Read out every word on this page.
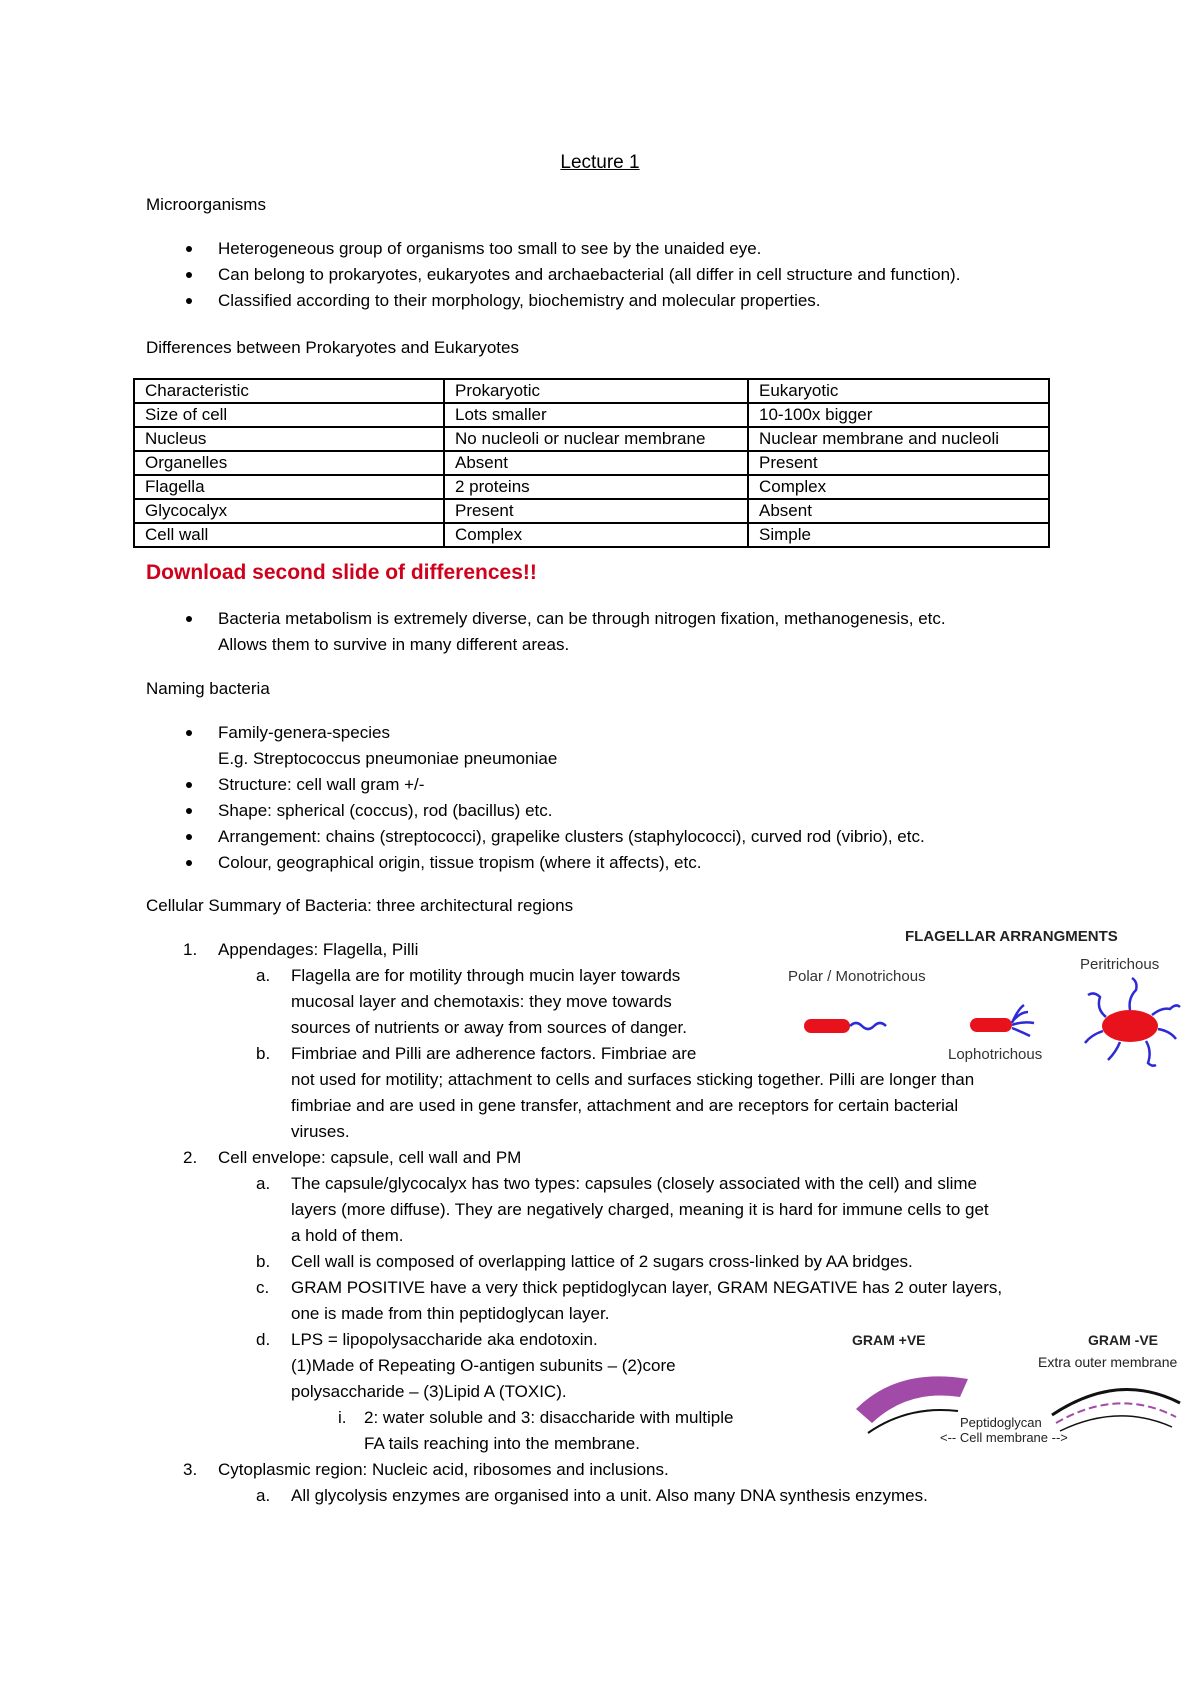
Lecture 1
Microorganisms
Heterogeneous group of organisms too small to see by the unaided eye.
Can belong to prokaryotes, eukaryotes and archaebacterial (all differ in cell structure and function).
Classified according to their morphology, biochemistry and molecular properties.
Differences between Prokaryotes and Eukaryotes
Characteristic	Prokaryotic	Eukaryotic
Size of cell	Lots smaller	10-100x bigger
Nucleus	No nucleoli or nuclear membrane	Nuclear membrane and nucleoli
Organelles	Absent	Present
Flagella	2 proteins	Complex
Glycocalyx	Present	Absent
Cell wall	Complex	Simple
Download second slide of differences!!
Bacteria metabolism is extremely diverse, can be through nitrogen fixation, methanogenesis, etc.
Allows them to survive in many different areas.
Naming bacteria
Family-genera-species
E.g. Streptococcus pneumoniae pneumoniae
Structure: cell wall gram +/-
Shape: spherical (coccus), rod (bacillus) etc.
Arrangement: chains (streptococci), grapelike clusters (staphylococci), curved rod (vibrio), etc.
Colour, geographical origin, tissue tropism (where it affects), etc.
Cellular Summary of Bacteria: three architectural regions
1. Appendages: Flagella, Pilli
a. Flagella are for motility through mucin layer towards
mucosal layer and chemotaxis: they move towards
sources of nutrients or away from sources of danger.
b. Fimbriae and Pilli are adherence factors. Fimbriae are
not used for motility; attachment to cells and surfaces sticking together. Pilli are longer than
fimbriae and are used in gene transfer, attachment and are receptors for certain bacterial
viruses.
2. Cell envelope: capsule, cell wall and PM
a. The capsule/glycocalyx has two types: capsules (closely associated with the cell) and slime
layers (more diffuse). They are negatively charged, meaning it is hard for immune cells to get
a hold of them.
b. Cell wall is composed of overlapping lattice of 2 sugars cross-linked by AA bridges.
c. GRAM POSITIVE have a very thick peptidoglycan layer, GRAM NEGATIVE has 2 outer layers,
one is made from thin peptidoglycan layer.
d. LPS = lipopolysaccharide aka endotoxin.
(1)Made of Repeating O-antigen subunits – (2)core
polysaccharide – (3)Lipid A (TOXIC).
i. 2: water soluble and 3: disaccharide with multiple
FA tails reaching into the membrane.
3. Cytoplasmic region: Nucleic acid, ribosomes and inclusions.
a. All glycolysis enzymes are organised into a unit. Also many DNA synthesis enzymes.
FLAGELLAR ARRANGMENTS
Polar / Monotrichous
Peritrichous
Lophotrichous
GRAM +VE	GRAM -VE
Extra outer membrane
Peptidoglycan
<-- Cell membrane -->
